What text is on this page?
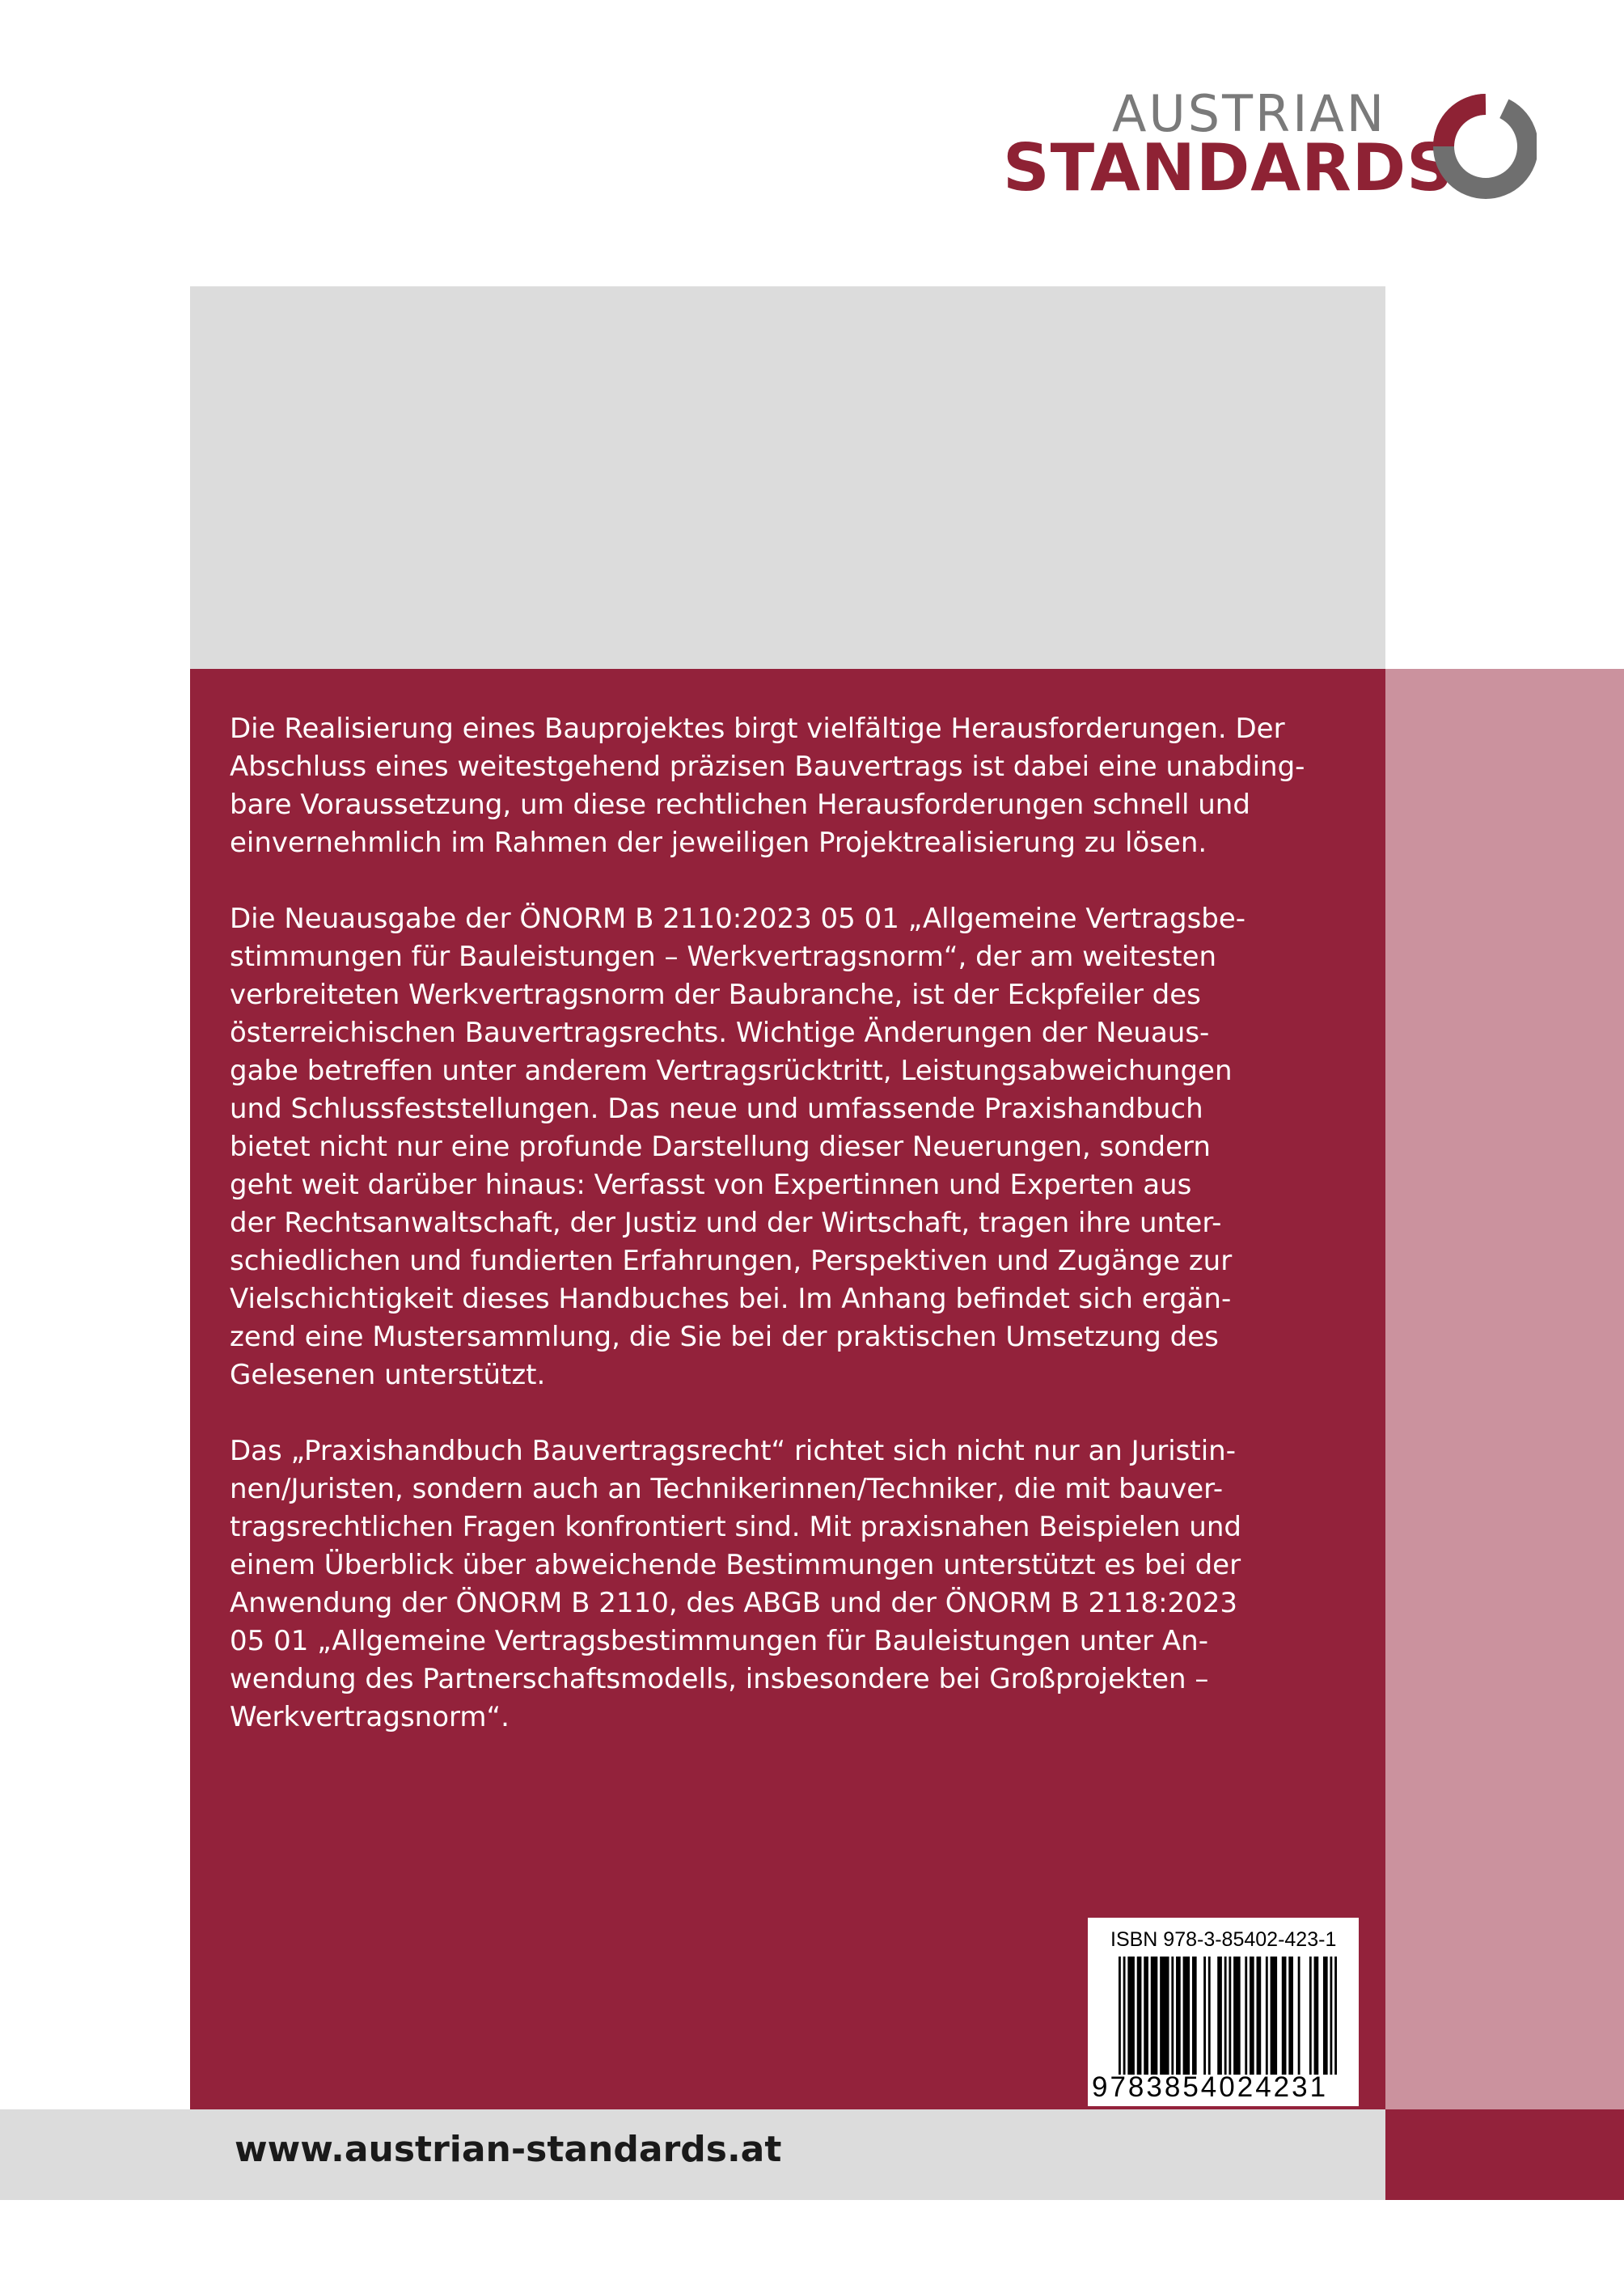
AUSTRIAN
STANDARDS

Die Realisierung eines Bauprojektes birgt vielfältige Herausforderungen. Der
Abschluss eines weitestgehend präzisen Bauvertrags ist dabei eine unabding-
bare Voraussetzung, um diese rechtlichen Herausforderungen schnell und
einvernehmlich im Rahmen der jeweiligen Projektrealisierung zu lösen.

Die Neuausgabe der ÖNORM B 2110:2023 05 01 „Allgemeine Vertragsbe-
stimmungen für Bauleistungen – Werkvertragsnorm“, der am weitesten
verbreiteten Werkvertragsnorm der Baubranche, ist der Eckpfeiler des
österreichischen Bauvertragsrechts. Wichtige Änderungen der Neuaus-
gabe betreffen unter anderem Vertragsrücktritt, Leistungsabweichungen
und Schlussfeststellungen. Das neue und umfassende Praxishandbuch
bietet nicht nur eine profunde Darstellung dieser Neuerungen, sondern
geht weit darüber hinaus: Verfasst von Expertinnen und Experten aus
der Rechtsanwaltschaft, der Justiz und der Wirtschaft, tragen ihre unter-
schiedlichen und fundierten Erfahrungen, Perspektiven und Zugänge zur
Vielschichtigkeit dieses Handbuches bei. Im Anhang befindet sich ergän-
zend eine Mustersammlung, die Sie bei der praktischen Umsetzung des
Gelesenen unterstützt.

Das „Praxishandbuch Bauvertragsrecht“ richtet sich nicht nur an Juristin-
nen/Juristen, sondern auch an Technikerinnen/Techniker, die mit bauver-
tragsrechtlichen Fragen konfrontiert sind. Mit praxisnahen Beispielen und
einem Überblick über abweichende Bestimmungen unterstützt es bei der
Anwendung der ÖNORM B 2110, des ABGB und der ÖNORM B 2118:2023
05 01 „Allgemeine Vertragsbestimmungen für Bauleistungen unter An-
wendung des Partnerschaftsmodells, insbesondere bei Großprojekten –
Werkvertragsnorm“.

ISBN 978-3-85402-423-1
9783854024231
www.austrian-standards.at
